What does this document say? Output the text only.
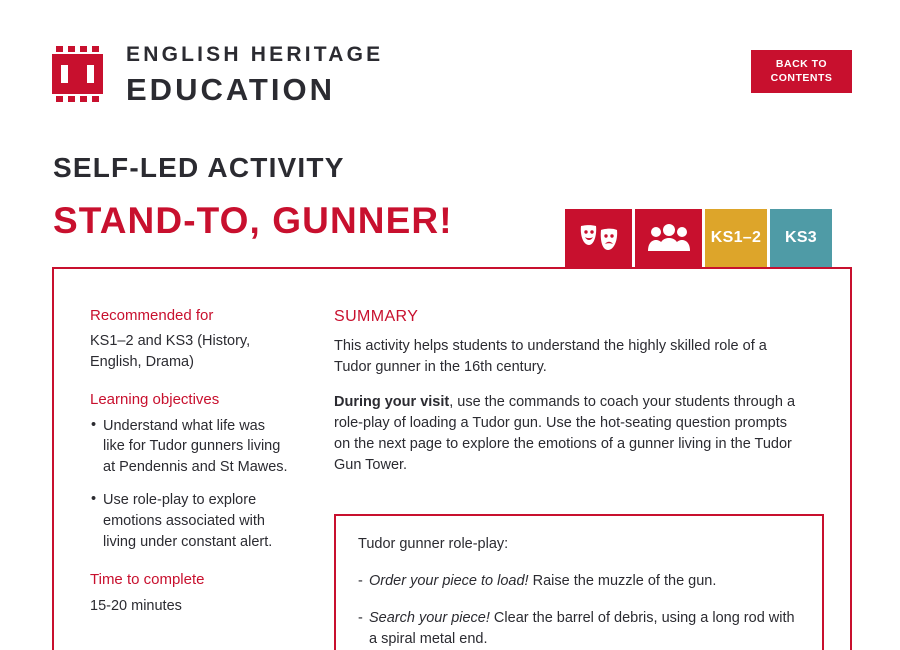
ENGLISH HERITAGE
EDUCATION
BACK TO
CONTENTS
SELF-LED ACTIVITY
STAND-TO, GUNNER!	KS1–2	KS3
Recommended for
KS1–2 and KS3 (History, English, Drama)
Learning objectives
• Understand what life was like for Tudor gunners living at Pendennis and St Mawes.
• Use role-play to explore emotions associated with living under constant alert.
Time to complete
15-20 minutes
SUMMARY

This activity helps students to understand the highly skilled role of a Tudor gunner in the 16th century.

During your visit, use the commands to coach your students through a role-play of loading a Tudor gun. Use the hot-seating question prompts on the next page to explore the emotions of a gunner living in the Tudor Gun Tower.

Tudor gunner role-play:

- Order your piece to load! Raise the muzzle of the gun.

- Search your piece! Clear the barrel of debris, using a long rod with a spiral metal end.
